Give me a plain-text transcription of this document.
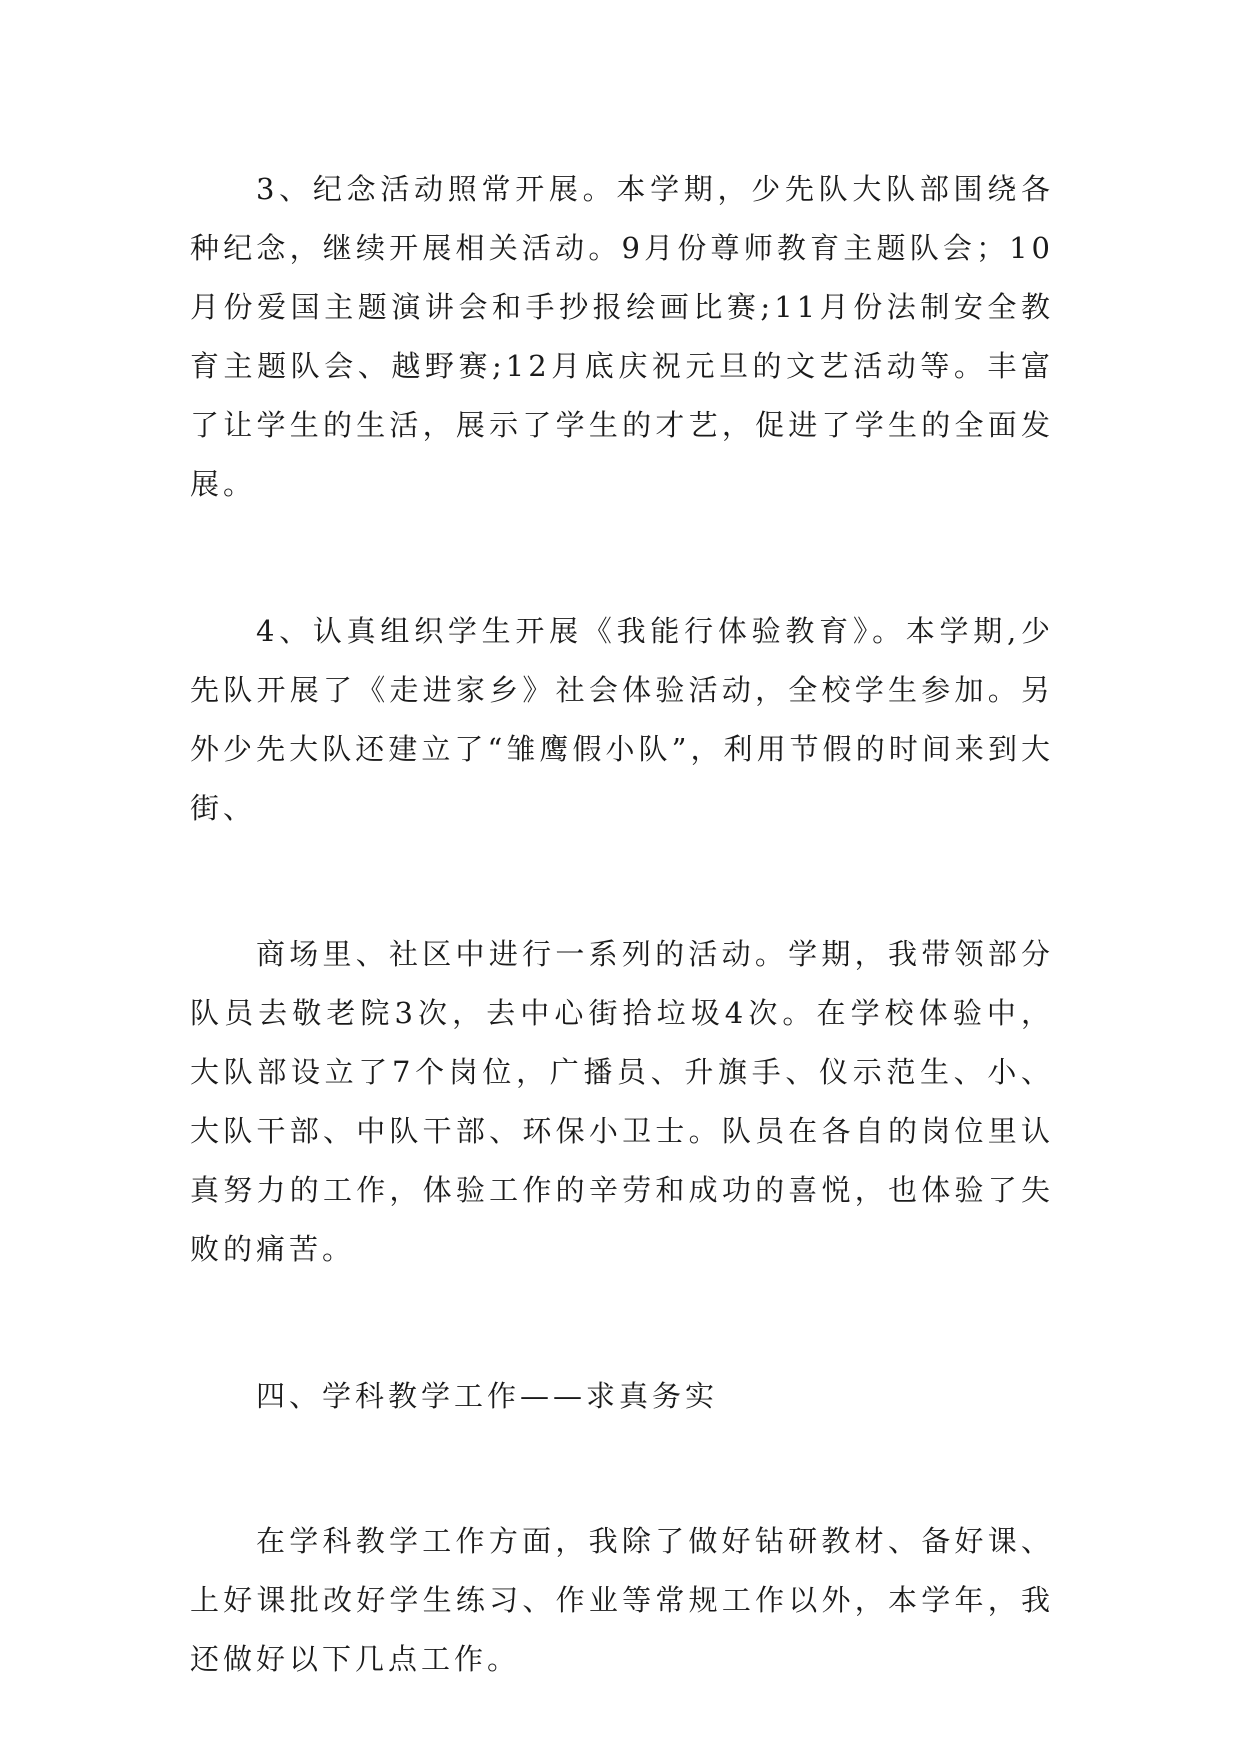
3、纪念活动照常开展。本学期，少先队大队部围绕各种纪念，继续开展相关活动。9月份尊师教育主题队会；10月份爱国主题演讲会和手抄报绘画比赛;11月份法制安全教育主题队会、越野赛;12月底庆祝元旦的文艺活动等。丰富了让学生的生活，展示了学生的才艺，促进了学生的全面发展。

4、认真组织学生开展《我能行体验教育》。本学期,少先队开展了《走进家乡》社会体验活动，全校学生参加。另外少先大队还建立了“雏鹰假小队”，利用节假的时间来到大街、

商场里、社区中进行一系列的活动。学期，我带领部分队员去敬老院3次，去中心街拾垃圾4次。在学校体验中，大队部设立了7个岗位，广播员、升旗手、仪示范生、小、大队干部、中队干部、环保小卫士。队员在各自的岗位里认真努力的工作，体验工作的辛劳和成功的喜悦，也体验了失败的痛苦。

四、学科教学工作——求真务实

在学科教学工作方面，我除了做好钻研教材、备好课、上好课批改好学生练习、作业等常规工作以外，本学年，我还做好以下几点工作。
